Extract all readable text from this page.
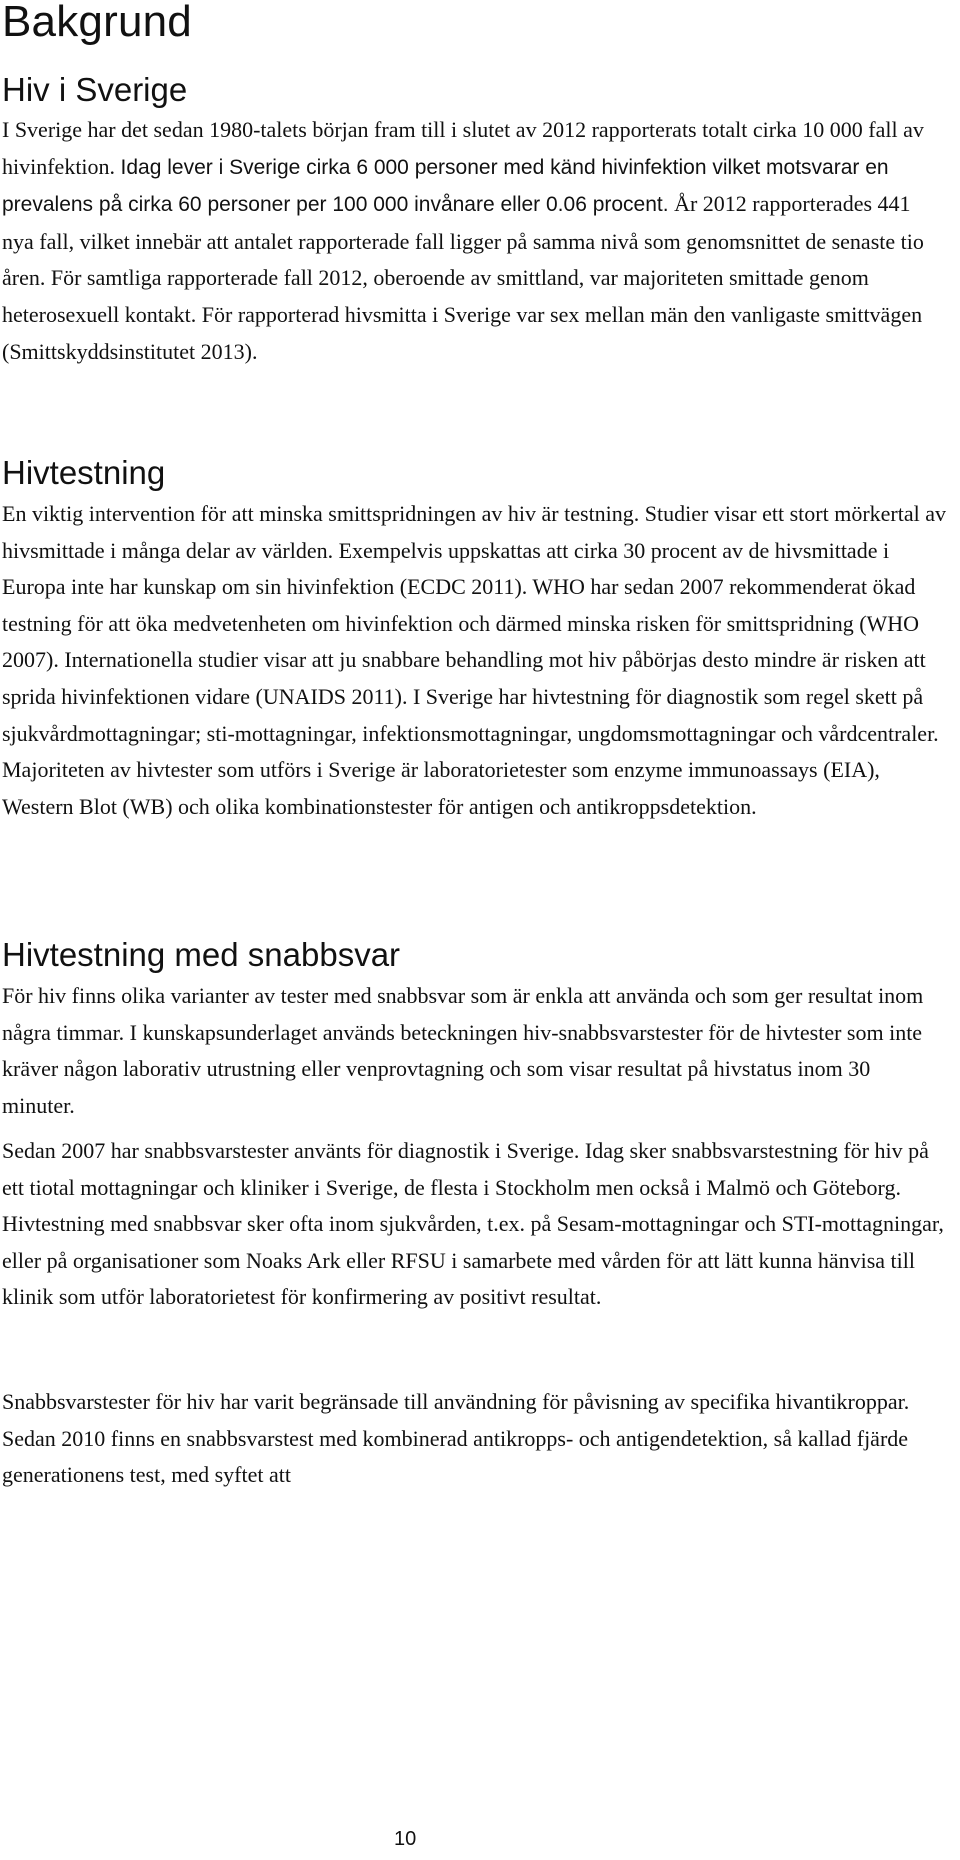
Bakgrund
Hiv i Sverige

I Sverige har det sedan 1980-talets början fram till i slutet av 2012 rapporterats totalt cirka 10 000 fall av hivinfektion. Idag lever i Sverige cirka 6 000 personer med känd hivinfektion vilket motsvarar en prevalens på cirka 60 personer per 100 000 invånare eller 0.06 procent. År 2012 rapporterades 441 nya fall, vilket innebär att antalet rapporterade fall ligger på samma nivå som genomsnittet de senaste tio åren. För samtliga rapporterade fall 2012, oberoende av smittland, var majoriteten smittade genom heterosexuell kontakt. För rapporterad hivsmitta i Sverige var sex mellan män den vanligaste smittvägen (Smittskyddsinstitutet 2013).

Hivtestning

En viktig intervention för att minska smittspridningen av hiv är testning. Studier visar ett stort mörkertal av hivsmittade i många delar av världen. Exempelvis uppskattas att cirka 30 procent av de hivsmittade i Europa inte har kunskap om sin hivinfektion (ECDC 2011). WHO har sedan 2007 rekommenderat ökad testning för att öka medvetenheten om hivinfektion och därmed minska risken för smittspridning (WHO 2007). Internationella studier visar att ju snabbare behandling mot hiv påbörjas desto mindre är risken att sprida hivinfektionen vidare (UNAIDS 2011). I Sverige har hivtestning för diagnostik som regel skett på sjukvårdmottagningar; sti-mottagningar, infektionsmottagningar, ungdomsmottagningar och vårdcentraler. Majoriteten av hivtester som utförs i Sverige är laboratorietester som enzyme immunoassays (EIA), Western Blot (WB) och olika kombinationstester för antigen och antikroppsdetektion.

Hivtestning med snabbsvar

För hiv finns olika varianter av tester med snabbsvar som är enkla att använda och som ger resultat inom några timmar. I kunskapsunderlaget används beteckningen hiv-snabbsvarstester för de hivtester som inte kräver någon laborativ utrustning eller venprovtagning och som visar resultat på hivstatus inom 30 minuter.

Sedan 2007 har snabbsvarstester använts för diagnostik i Sverige. Idag sker snabbsvarstestning för hiv på ett tiotal mottagningar och kliniker i Sverige, de flesta i Stockholm men också i Malmö och Göteborg. Hivtestning med snabbsvar sker ofta inom sjukvården, t.ex. på Sesam-mottagningar och STI-mottagningar, eller på organisationer som Noaks Ark eller RFSU i samarbete med vården för att lätt kunna hänvisa till klinik som utför laboratorietest för konfirmering av positivt resultat.

Snabbsvarstester för hiv har varit begränsade till användning för påvisning av specifika hivantikroppar. Sedan 2010 finns en snabbsvarstest med kombinerad antikropps- och antigendetektion, så kallad fjärde generationens test, med syftet att

10
